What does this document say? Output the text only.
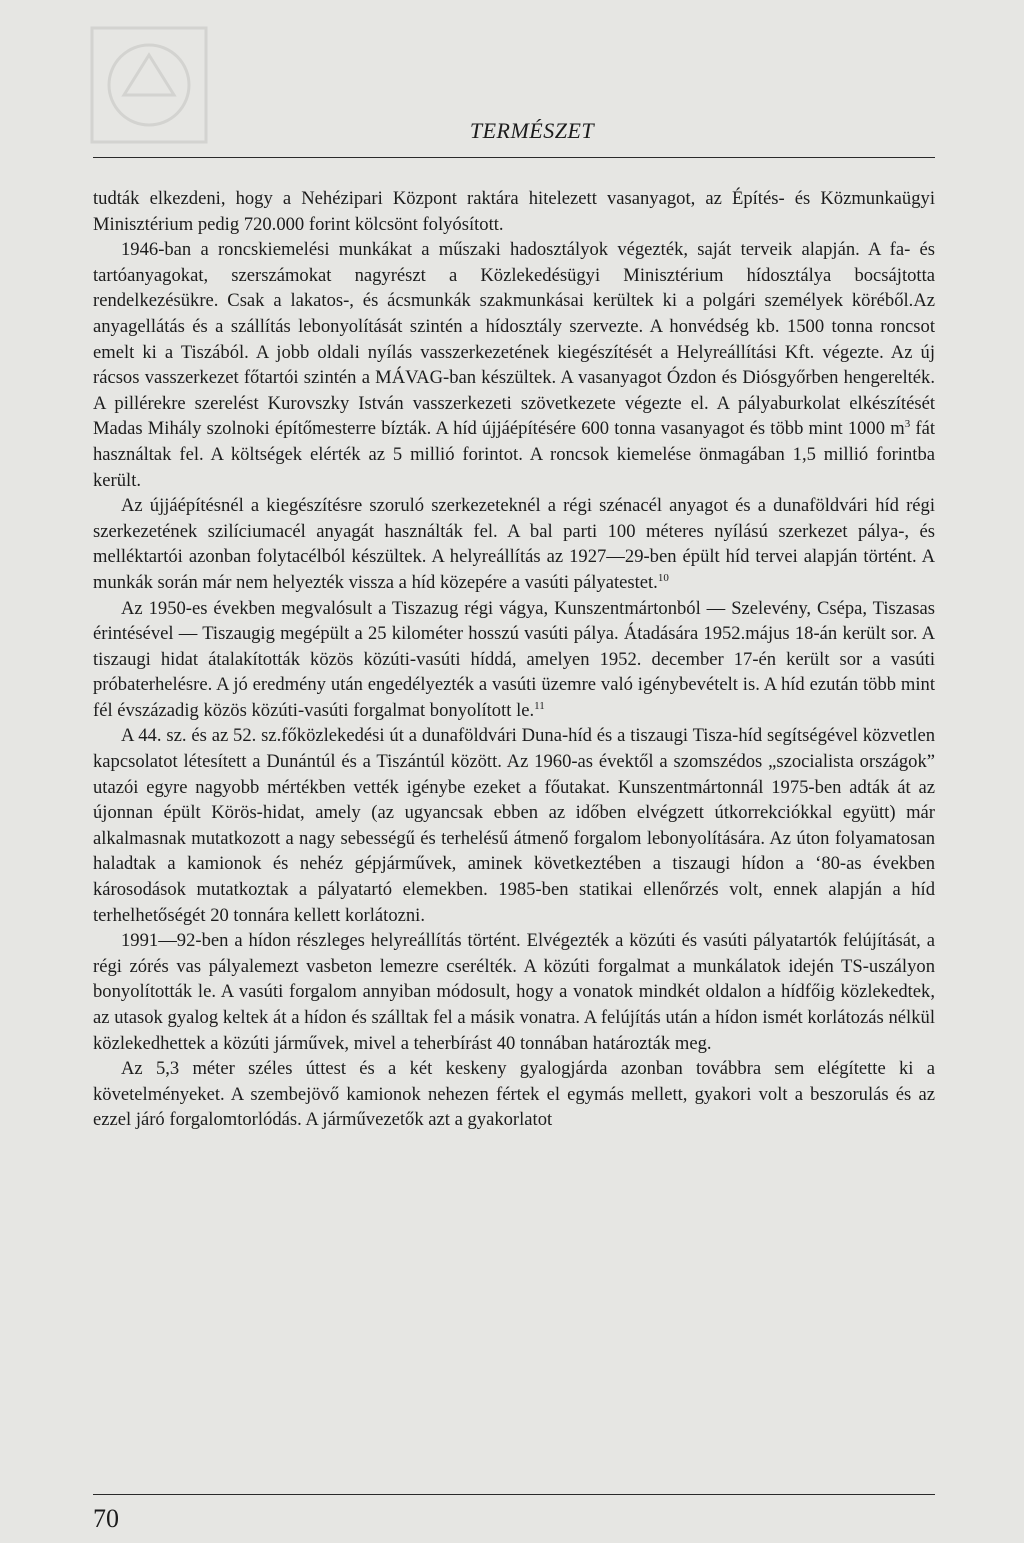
TERMÉSZET

tudták elkezdeni, hogy a Nehézipari Központ raktára hitelezett vasanyagot, az Építés- és Közmunkaügyi Minisztérium pedig 720.000 forint kölcsönt folyósított.

1946-ban a roncskiemelési munkákat a műszaki hadosztályok végezték, saját terveik alapján. A fa- és tartóanyagokat, szerszámokat nagyrészt a Közlekedésügyi Minisztérium hídosztálya bocsájtotta rendelkezésükre. Csak a lakatos-, és ácsmunkák szakmunkásai kerültek ki a polgári személyek köréből.Az anyagellátás és a szállítás lebonyolítását szintén a hídosztály szervezte. A honvédség kb. 1500 tonna roncsot emelt ki a Tiszából. A jobb oldali nyílás vasszerkezetének kiegészítését a Helyreállítási Kft. végezte. Az új rácsos vasszerkezet főtartói szintén a MÁVAG-ban készültek. A vasanyagot Ózdon és Diósgyőrben hengerelték. A pillérekre szerelést Kurovszky István vasszerkezeti szövetkezete végezte el. A pályaburkolat elkészítését Madas Mihály szolnoki építőmesterre bízták. A híd újjáépítésére 600 tonna vasanyagot és több mint 1000 $m^3$ fát használtak fel. A költségek elérték az 5 millió forintot. A roncsok kiemelése önmagában 1,5 millió forintba került.

Az újjáépítésnél a kiegészítésre szoruló szerkezeteknél a régi szénacél anyagot és a dunaföldvári híd régi szerkezetének szilíciumacél anyagát használták fel. A bal parti 100 méteres nyílású szerkezet pálya-, és melléktartói azonban folytacélból készültek. A helyreállítás az 1927—29-ben épült híd tervei alapján történt. A munkák során már nem helyezték vissza a híd közepére a vasúti pályatestet.$^{10}$

Az 1950-es években megvalósult a Tiszazug régi vágya, Kunszentmártonból — Szelevény, Csépa, Tiszasas érintésével — Tiszaugig megépült a 25 kilométer hosszú vasúti pálya. Átadására 1952.május 18-án került sor. A tiszaugi hidat átalakították közös közúti-vasúti híddá, amelyen 1952. december 17-én került sor a vasúti próbaterhelésre. A jó eredmény után engedélyezték a vasúti üzemre való igénybevételt is. A híd ezután több mint fél évszázadig közös közúti-vasúti forgalmat bonyolított le.$^{11}$

A 44. sz. és az 52. sz.főközlekedési út a dunaföldvári Duna-híd és a tiszaugi Tisza-híd segítségével közvetlen kapcsolatot létesített a Dunántúl és a Tiszántúl között. Az 1960-as évektől a szomszédos „szocialista országok” utazói egyre nagyobb mértékben vették igénybe ezeket a főutakat. Kunszentmártonnál 1975-ben adták át az újonnan épült Körös-hidat, amely (az ugyancsak ebben az időben elvégzett útkorrekciókkal együtt) már alkalmasnak mutatkozott a nagy sebességű és terhelésű átmenő forgalom lebonyolítására. Az úton folyamatosan haladtak a kamionok és nehéz gépjárművek, aminek következtében a tiszaugi hídon a ‘80-as években károsodások mutatkoztak a pályatartó elemekben. 1985-ben statikai ellenőrzés volt, ennek alapján a híd terhelhetőségét 20 tonnára kellett korlátozni.

1991—92-ben a hídon részleges helyreállítás történt. Elvégezték a közúti és vasúti pályatartók felújítását, a régi zórés vas pályalemezt vasbeton lemezre cserélték. A közúti forgalmat a munkálatok idején TS-uszályon bonyolították le. A vasúti forgalom annyiban módosult, hogy a vonatok mindkét oldalon a hídfőig közlekedtek, az utasok gyalog keltek át a hídon és szálltak fel a másik vonatra. A felújítás után a hídon ismét korlátozás nélkül közlekedhettek a közúti járművek, mivel a teherbírást 40 tonnában határozták meg.

Az 5,3 méter széles úttest és a két keskeny gyalogjárda azonban továbbra sem elégítette ki a követelményeket. A szembejövő kamionok nehezen fértek el egymás mellett, gyakori volt a beszorulás és az ezzel járó forgalomtorlódás. A járművezetők azt a gyakorlatot

70
